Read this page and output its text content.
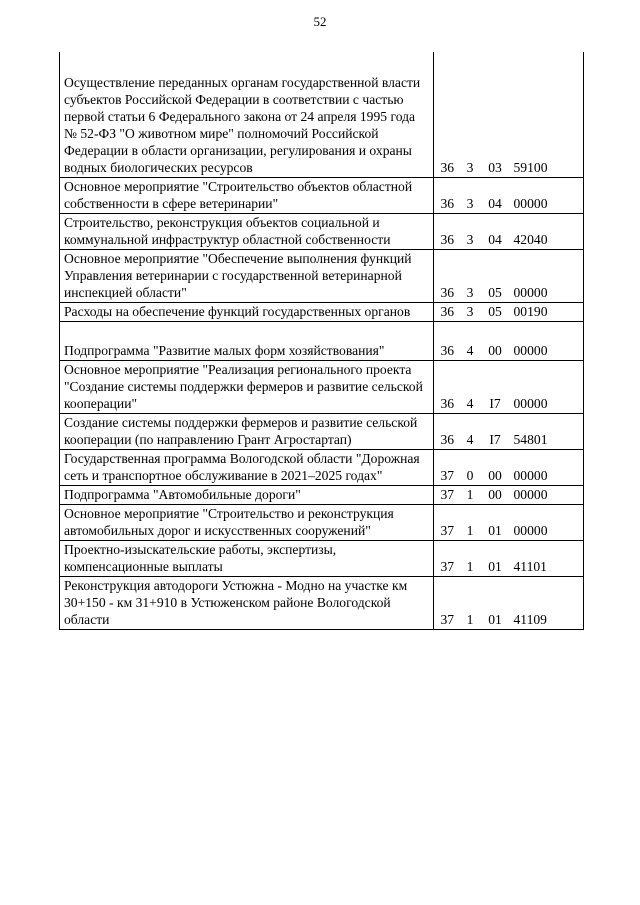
52
Осуществление переданных органам государственной власти субъектов Российской Федерации в соответствии с частью первой статьи 6 Федерального закона от 24 апреля 1995 года № 52-ФЗ "О животном мире" полномочий Российской Федерации в области организации, регулирования и охраны водных биологических ресурсов	36	3	03	59100
Основное мероприятие "Строительство объектов областной собственности в сфере ветеринарии"	36	3	04	00000
Строительство, реконструкция объектов социальной и коммунальной инфраструктур областной собственности	36	3	04	42040
Основное мероприятие "Обеспечение выполнения функций Управления ветеринарии с государственной ветеринарной инспекцией области"	36	3	05	00000
Расходы на обеспечение функций государственных органов	36	3	05	00190
Подпрограмма "Развитие малых форм хозяйствования"	36	4	00	00000
Основное мероприятие "Реализация регионального проекта "Создание системы поддержки фермеров и развитие сельской кооперации"	36	4	I7	00000
Создание системы поддержки фермеров и развитие сельской кооперации (по направлению Грант Агростартап)	36	4	I7	54801
Государственная программа Вологодской области "Дорожная сеть и транспортное обслуживание в 2021–2025 годах"	37	0	00	00000
Подпрограмма "Автомобильные дороги"	37	1	00	00000
Основное мероприятие "Строительство и реконструкция автомобильных дорог и искусственных сооружений"	37	1	01	00000
Проектно-изыскательские работы, экспертизы, компенсационные выплаты	37	1	01	41101
Реконструкция автодороги Устюжна - Модно на участке км 30+150 - км 31+910 в Устюженском районе Вологодской области	37	1	01	41109
